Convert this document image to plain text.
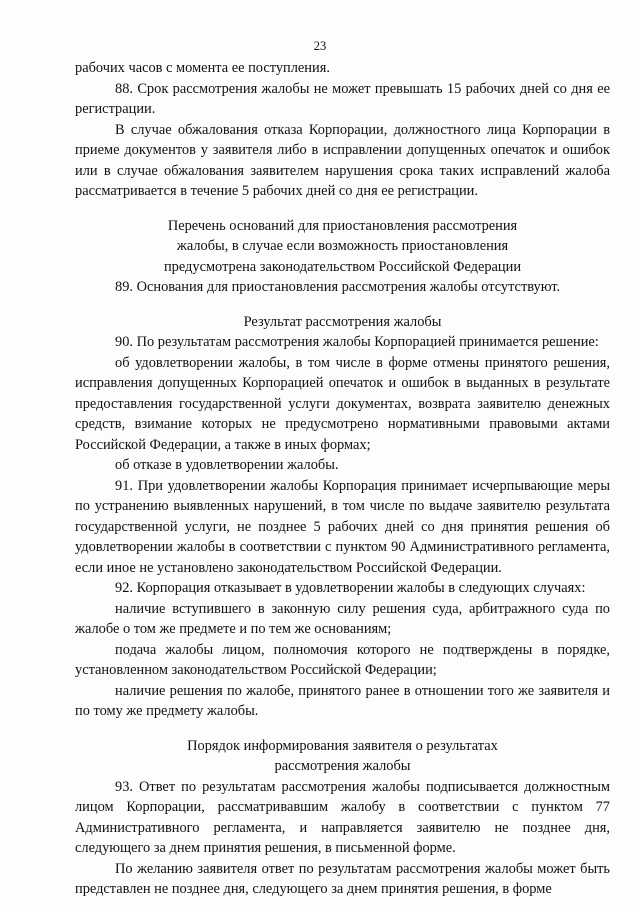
23

рабочих часов с момента ее поступления.

88. Срок рассмотрения жалобы не может превышать 15 рабочих дней со дня ее регистрации.

В случае обжалования отказа Корпорации, должностного лица Корпорации в приеме документов у заявителя либо в исправлении допущенных опечаток и ошибок или в случае обжалования заявителем нарушения срока таких исправлений жалоба рассматривается в течение 5 рабочих дней со дня ее регистрации.

Перечень оснований для приостановления рассмотрения

жалобы, в случае если возможность приостановления

предусмотрена законодательством Российской Федерации

89. Основания для приостановления рассмотрения жалобы отсутствуют.

Результат рассмотрения жалобы

90. По результатам рассмотрения жалобы Корпорацией принимается решение:

об удовлетворении жалобы, в том числе в форме отмены принятого решения, исправления допущенных Корпорацией опечаток и ошибок в выданных в результате предоставления государственной услуги документах, возврата заявителю денежных средств, взимание которых не предусмотрено нормативными правовыми актами Российской Федерации, а также в иных формах;

об отказе в удовлетворении жалобы.

91. При удовлетворении жалобы Корпорация принимает исчерпывающие меры по устранению выявленных нарушений, в том числе по выдаче заявителю результата государственной услуги, не позднее 5 рабочих дней со дня принятия решения об удовлетворении жалобы в соответствии с пунктом 90 Административного регламента, если иное не установлено законодательством Российской Федерации.

92. Корпорация отказывает в удовлетворении жалобы в следующих случаях:

наличие вступившего в законную силу решения суда, арбитражного суда по жалобе о том же предмете и по тем же основаниям;

подача жалобы лицом, полномочия которого не подтверждены в порядке, установленном законодательством Российской Федерации;

наличие решения по жалобе, принятого ранее в отношении того же заявителя и по тому же предмету жалобы.

Порядок информирования заявителя о результатах

рассмотрения жалобы

93. Ответ по результатам рассмотрения жалобы подписывается должностным лицом Корпорации, рассматривавшим жалобу в соответствии с пунктом 77 Административного регламента, и направляется заявителю не позднее дня, следующего за днем принятия решения, в письменной форме.

По желанию заявителя ответ по результатам рассмотрения жалобы может быть представлен не позднее дня, следующего за днем принятия решения, в форме
